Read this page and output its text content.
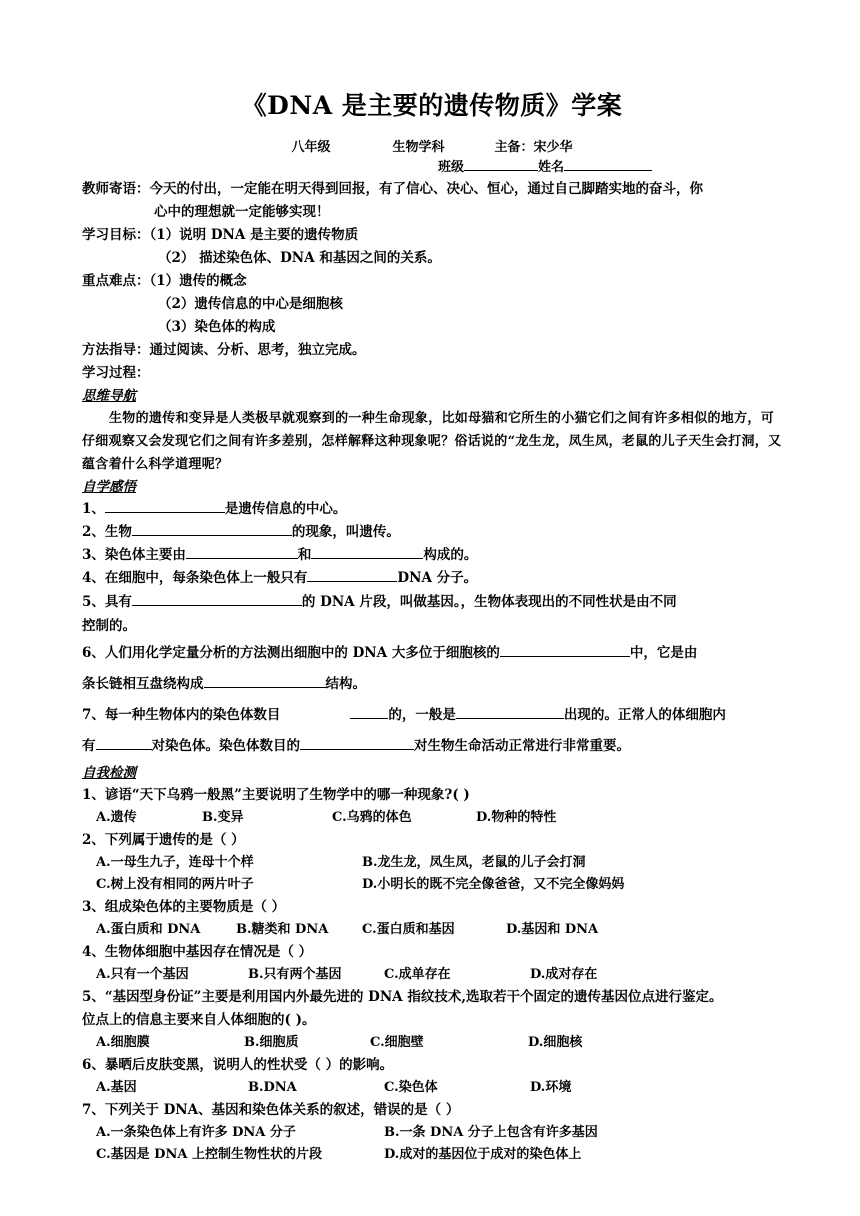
《DNA 是主要的遗传物质》学案
八年级	生物学科	主备：宋少华
班级	姓名
教师寄语：今天的付出，一定能在明天得到回报，有了信心、决心、恒心，通过自己脚踏实地的奋斗，你
心中的理想就一定能够实现！
学习目标：（1）说明 DNA 是主要的遗传物质
（2） 描述染色体、DNA 和基因之间的关系。
重点难点：（1）遗传的概念
（2）遗传信息的中心是细胞核
（3）染色体的构成
方法指导：通过阅读、分析、思考，独立完成。
学习过程：
思维导航
生物的遗传和变异是人类极早就观察到的一种生命现象，比如母猫和它所生的小猫它们之间有许多相似的地方，可仔细观察又会发现它们之间有许多差别，怎样解释这种现象呢？俗话说的“龙生龙，凤生凤，老鼠的儿子天生会打洞，又蕴含着什么科学道理呢？
自学感悟
1、	是遗传信息的中心。
2、生物	的现象，叫遗传。
3、染色体主要由	和	构成的。
4、在细胞中，每条染色体上一般只有	DNA 分子。
5、具有	的 DNA 片段，叫做基因。，生物体表现出的不同性状是由不同
控制的。
6、人们用化学定量分析的方法测出细胞中的 DNA 大多位于细胞核的	中，它是由
条长链相互盘绕构成	结构。
7、每一种生物体内的染色体数目	的，一般是	出现的。正常人的体细胞内
有	对染色体。染色体数目的	对生物生命活动正常进行非常重要。
自我检测
1、谚语“天下乌鸦一般黑”主要说明了生物学中的哪一种现象?( )
A.遗传	B.变异	C.乌鸦的体色	D.物种的特性
2、下列属于遗传的是（ ）
A.一母生九子，连母十个样	B.龙生龙，凤生凤，老鼠的儿子会打洞
C.树上没有相同的两片叶子	D.小明长的既不完全像爸爸，又不完全像妈妈
3、组成染色体的主要物质是（ ）
A.蛋白质和 DNA	B.糖类和 DNA	C.蛋白质和基因	D.基因和 DNA
4、生物体细胞中基因存在情况是（ ）
A.只有一个基因	B.只有两个基因	C.成单存在	D.成对存在
5、“基因型身份证”主要是利用国内外最先进的 DNA 指纹技术,选取若干个固定的遗传基因位点进行鉴定。
位点上的信息主要来自人体细胞的( )。
A.细胞膜	B.细胞质	C.细胞壁	D.细胞核
6、暴晒后皮肤变黑，说明人的性状受（ ）的影响。
A.基因	B.DNA	C.染色体	D.环境
7、下列关于 DNA、基因和染色体关系的叙述，错误的是（ ）
A.一条染色体上有许多 DNA 分子	B.一条 DNA 分子上包含有许多基因
C.基因是 DNA 上控制生物性状的片段	D.成对的基因位于成对的染色体上
